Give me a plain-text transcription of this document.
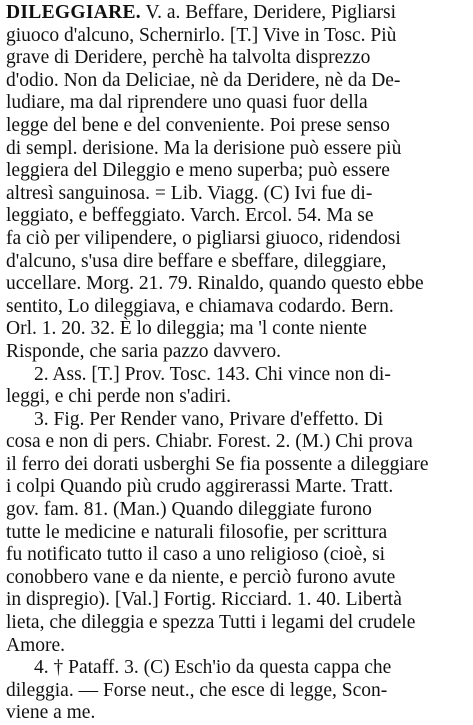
DILEGGIARE. V. a. Beffare, Deridere, Pigliarsi
giuoco d'alcuno, Schernirlo. [T.] Vive in Tosc. Più
grave di Deridere, perchè ha talvolta disprezzo
d'odio. Non da Deliciae, nè da Deridere, nè da De-
ludiare, ma dal riprendere uno quasi fuor della
legge del bene e del conveniente. Poi prese senso
di sempl. derisione. Ma la derisione può essere più
leggiera del Dileggio e meno superba; può essere
altresì sanguinosa. = Lib. Viagg. (C) Ivi fue di-
leggiato, e beffeggiato. Varch. Ercol. 54. Ma se
fa ciò per vilipendere, o pigliarsi giuoco, ridendosi
d'alcuno, s'usa dire beffare e sbeffare, dileggiare,
uccellare. Morg. 21. 79. Rinaldo, quando questo ebbe
sentito, Lo dileggiava, e chiamava codardo. Bern.
Orl. 1. 20. 32. È lo dileggia; ma 'l conte niente
Risponde, che saria pazzo davvero.
2. Ass. [T.] Prov. Tosc. 143. Chi vince non di-
leggi, e chi perde non s'adiri.
3. Fig. Per Render vano, Privare d'effetto. Di
cosa e non di pers. Chiabr. Forest. 2. (M.) Chi prova
il ferro dei dorati usberghi Se fia possente a dileggiare
i colpi Quando più crudo aggirerassi Marte. Tratt.
gov. fam. 81. (Man.) Quando dileggiate furono
tutte le medicine e naturali filosofie, per scrittura
fu notificato tutto il caso a uno religioso (cioè, si
conobbero vane e da niente, e perciò furono avute
in dispregio). [Val.] Fortig. Ricciard. 1. 40. Libertà
lieta, che dileggia e spezza Tutti i legami del crudele
Amore.
4. † Pataff. 3. (C) Esch'io da questa cappa che
dileggia. — Forse neut., che esce di legge, Scon-
viene a me.
